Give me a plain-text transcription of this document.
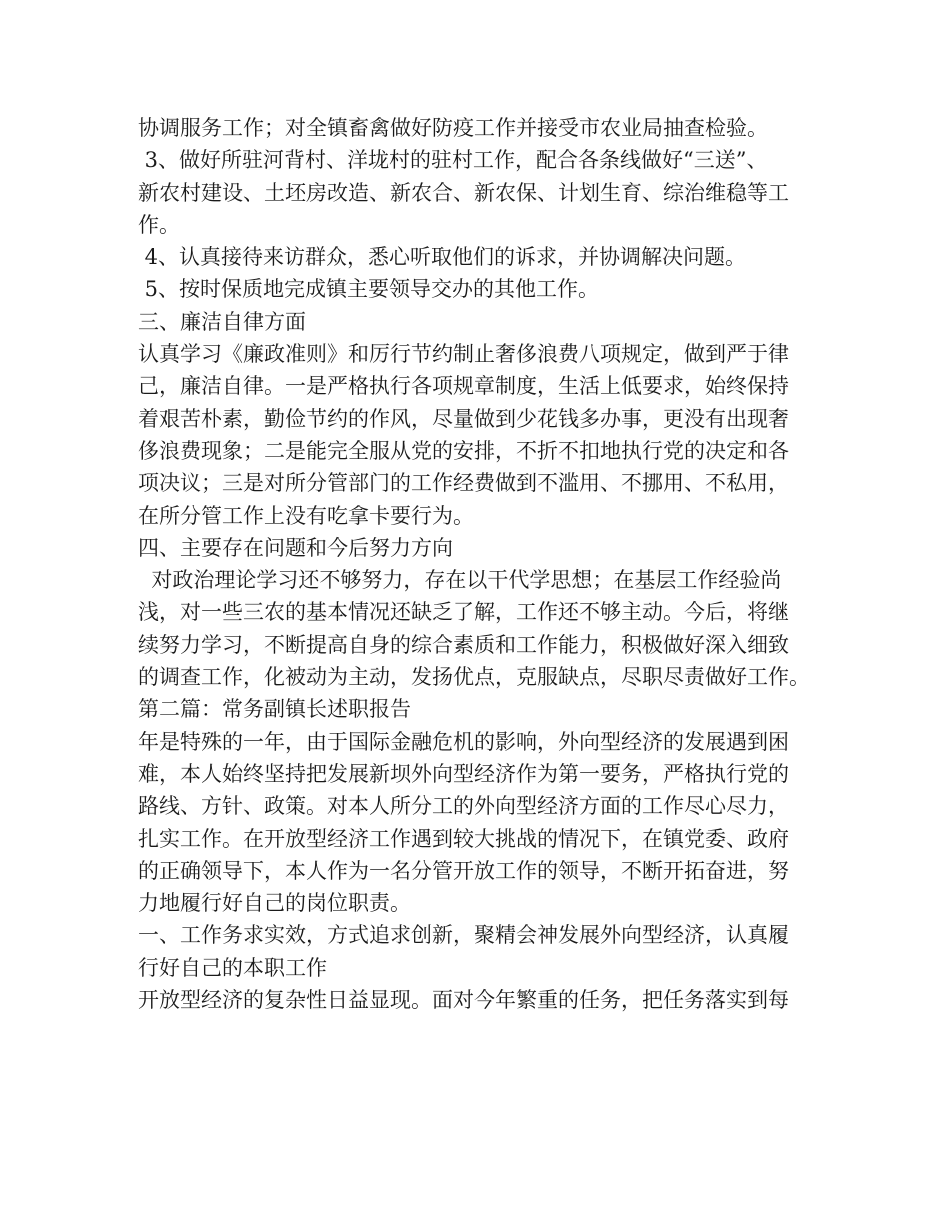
协调服务工作；对全镇畜禽做好防疫工作并接受市农业局抽查检验。
3、做好所驻河背村、洋垅村的驻村工作，配合各条线做好“三送”、
新农村建设、土坯房改造、新农合、新农保、计划生育、综治维稳等工
作。
4、认真接待来访群众，悉心听取他们的诉求，并协调解决问题。
5、按时保质地完成镇主要领导交办的其他工作。
三、廉洁自律方面
认真学习《廉政准则》和厉行节约制止奢侈浪费八项规定，做到严于律
己，廉洁自律。一是严格执行各项规章制度，生活上低要求，始终保持
着艰苦朴素，勤俭节约的作风，尽量做到少花钱多办事，更没有出现奢
侈浪费现象；二是能完全服从党的安排，不折不扣地执行党的决定和各
项决议；三是对所分管部门的工作经费做到不滥用、不挪用、不私用，
在所分管工作上没有吃拿卡要行为。
四、主要存在问题和今后努力方向
对政治理论学习还不够努力，存在以干代学思想；在基层工作经验尚
浅，对一些三农的基本情况还缺乏了解，工作还不够主动。今后，将继
续努力学习，不断提高自身的综合素质和工作能力，积极做好深入细致
的调查工作，化被动为主动，发扬优点，克服缺点，尽职尽责做好工作。
第二篇：常务副镇长述职报告
年是特殊的一年，由于国际金融危机的影响，外向型经济的发展遇到困
难，本人始终坚持把发展新坝外向型经济作为第一要务，严格执行党的
路线、方针、政策。对本人所分工的外向型经济方面的工作尽心尽力，
扎实工作。在开放型经济工作遇到较大挑战的情况下，在镇党委、政府
的正确领导下，本人作为一名分管开放工作的领导，不断开拓奋进，努
力地履行好自己的岗位职责。
一、工作务求实效，方式追求创新，聚精会神发展外向型经济，认真履
行好自己的本职工作
开放型经济的复杂性日益显现。面对今年繁重的任务，把任务落实到每
